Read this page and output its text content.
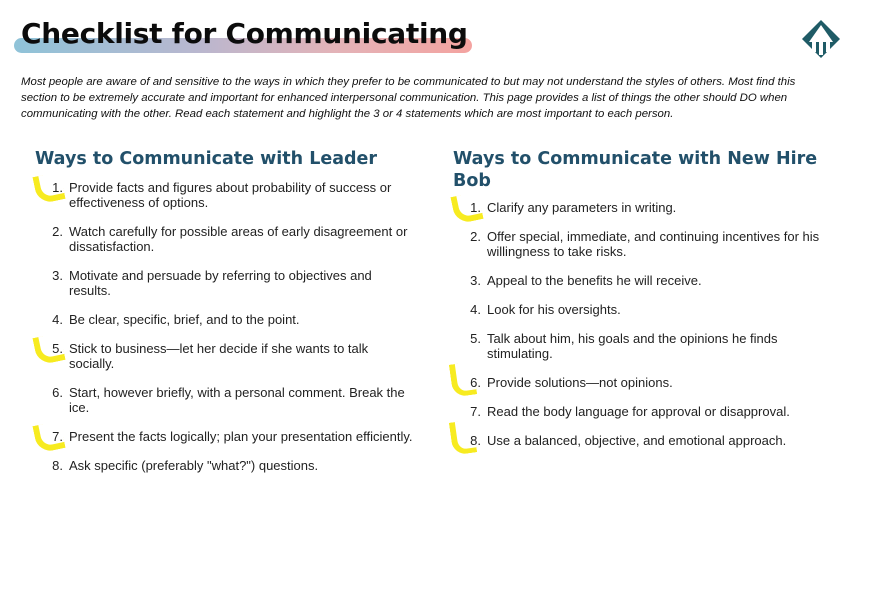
Checklist for Communicating

Most people are aware of and sensitive to the ways in which they prefer to be communicated to but may not understand the styles of others. Most find this section to be extremely accurate and important for enhanced interpersonal communication. This page provides a list of things the other should DO when communicating with the other. Read each statement and highlight the 3 or 4 statements which are most important to each person.

Ways to Communicate with Leader
1. Provide facts and figures about probability of success or effectiveness of options.
2. Watch carefully for possible areas of early disagreement or dissatisfaction.
3. Motivate and persuade by referring to objectives and results.
4. Be clear, specific, brief, and to the point.
5. Stick to business—let her decide if she wants to talk socially.
6. Start, however briefly, with a personal comment. Break the ice.
7. Present the facts logically; plan your presentation efficiently.
8. Ask specific (preferably "what?") questions.
Ways to Communicate with New Hire Bob
1. Clarify any parameters in writing.
2. Offer special, immediate, and continuing incentives for his willingness to take risks.
3. Appeal to the benefits he will receive.
4. Look for his oversights.
5. Talk about him, his goals and the opinions he finds stimulating.
6. Provide solutions—not opinions.
7. Read the body language for approval or disapproval.
8. Use a balanced, objective, and emotional approach.
